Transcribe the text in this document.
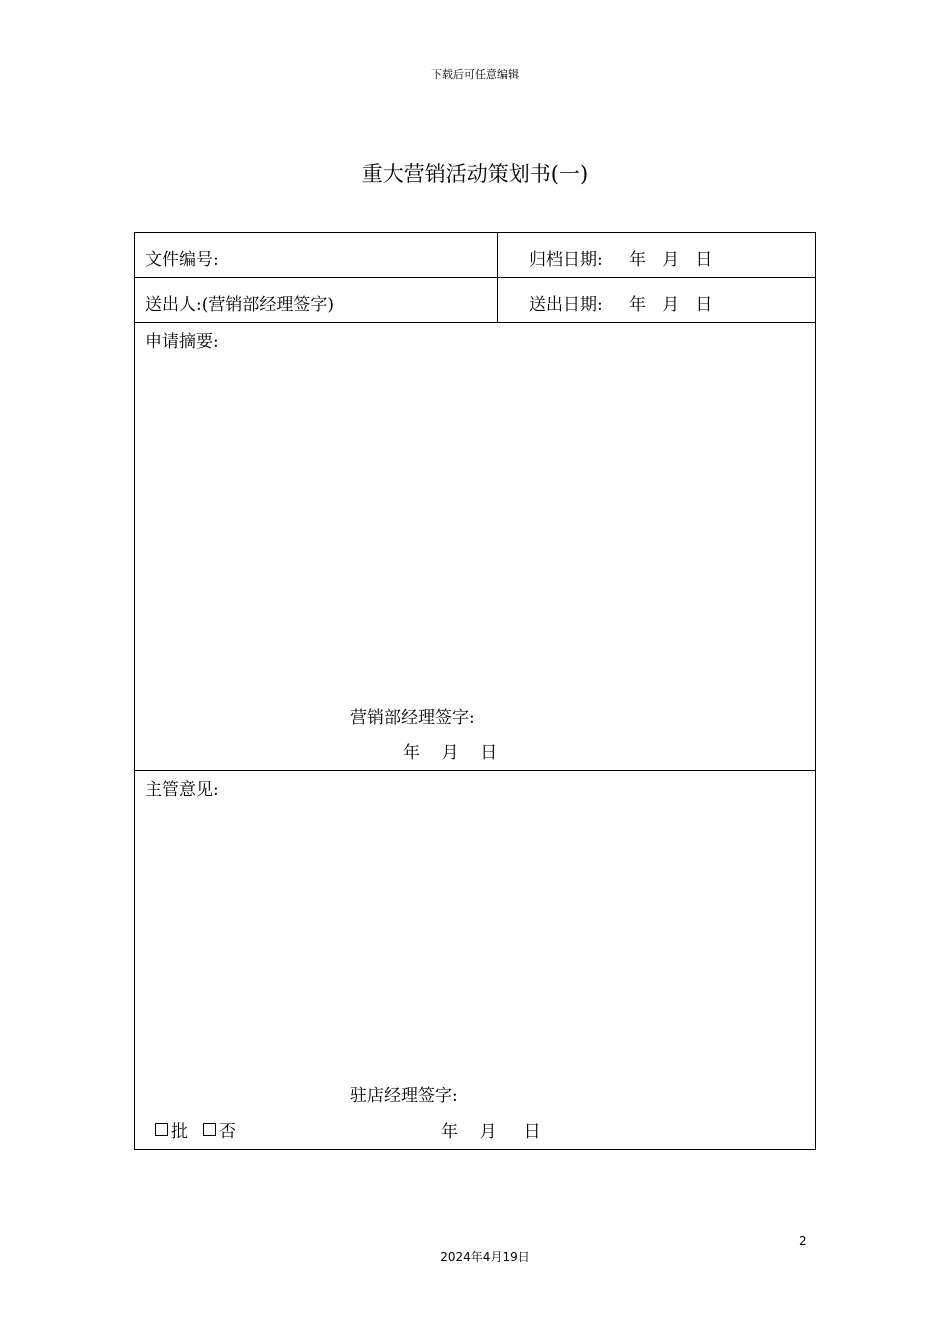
下载后可任意编辑
重大营销活动策划书(一)
文件编号:	归档日期: 年   月   日
送出人:(营销部经理签字)	送出日期: 年   月   日
申请摘要:
营销部经理签字:
年    月    日
主管意见:
驻店经理签字:
批 否	年    月     日
2
2024年4月19日
